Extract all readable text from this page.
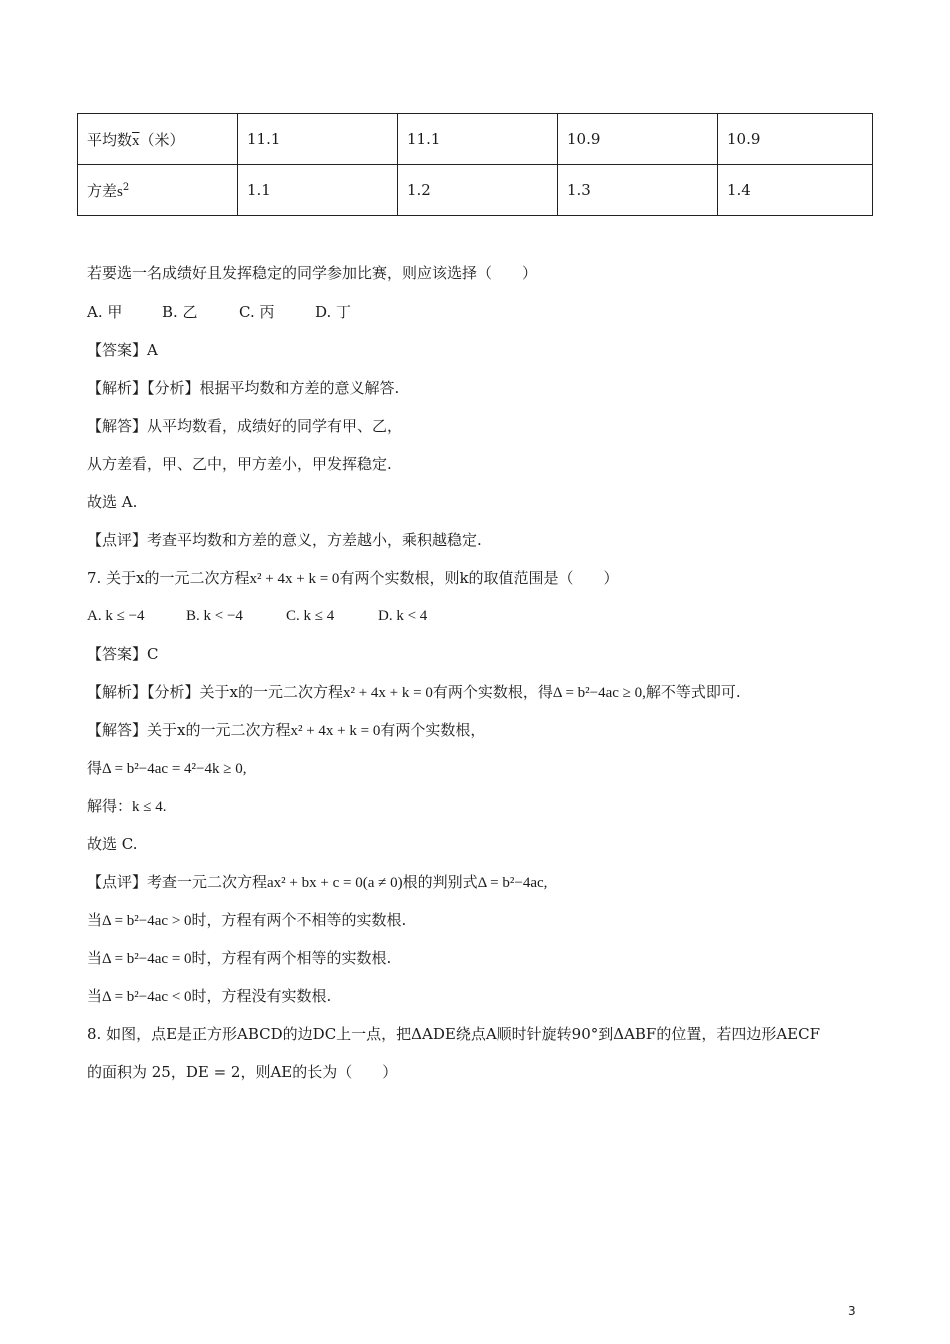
平均数$\overline{x}$（米）	11.1	11.1	10.9	10.9
方差$s^2$	1.1	1.2	1.3	1.4
若要选一名成绩好且发挥稳定的同学参加比赛，则应该选择（　　）
A. 甲	B. 乙	C. 丙	D. 丁
【答案】A
【解析】【分析】根据平均数和方差的意义解答.
【解答】从平均数看，成绩好的同学有甲、乙，
从方差看，甲、乙中，甲方差小，甲发挥稳定.
故选 A.
【点评】考查平均数和方差的意义，方差越小，乘积越稳定.
7. 关于x的一元二次方程x² + 4x + k = 0有两个实数根，则k的取值范围是（　　）
A. k ≤ −4	B. k < −4	C. k ≤ 4	D. k < 4
【答案】C
【解析】【分析】关于x的一元二次方程x² + 4x + k = 0有两个实数根，得Δ = b²−4ac ≥ 0,解不等式即可.
【解答】关于x的一元二次方程x² + 4x + k = 0有两个实数根，
得Δ = b²−4ac = 4²−4k ≥ 0,
解得：k ≤ 4.
故选 C.
【点评】考查一元二次方程ax² + bx + c = 0(a ≠ 0)根的判别式Δ = b²−4ac,
当Δ = b²−4ac > 0时，方程有两个不相等的实数根.
当Δ = b²−4ac = 0时，方程有两个相等的实数根.
当Δ = b²−4ac < 0时，方程没有实数根.
8. 如图，点E是正方形ABCD的边DC上一点，把ΔADE绕点A顺时针旋转90°到ΔABF的位置，若四边形AECF
的面积为 25，DE = 2，则AE的长为（　　）
3
